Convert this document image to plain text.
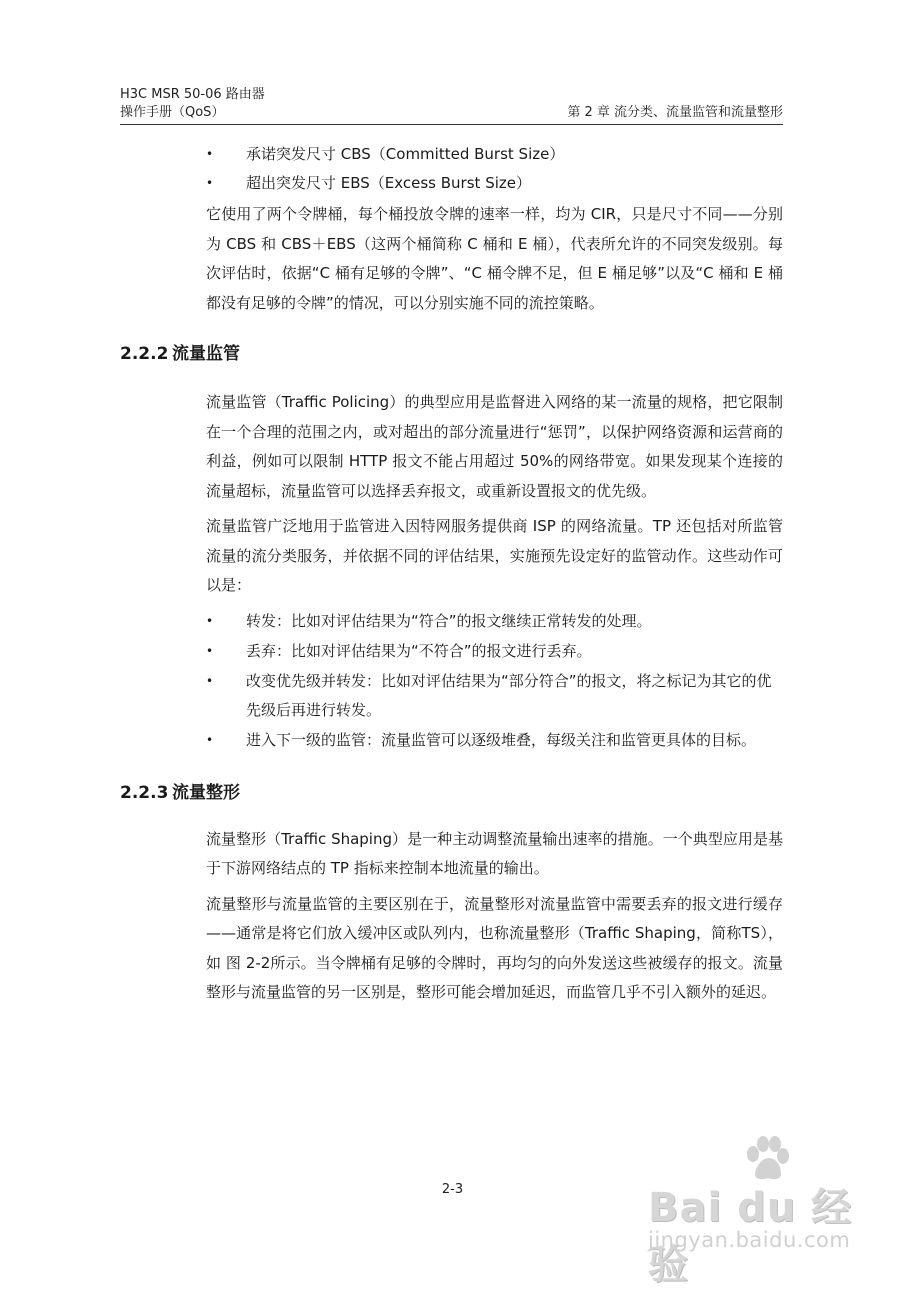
H3C MSR 50-06 路由器
操作手册（QoS）	第 2 章 流分类、流量监管和流量整形
• 承诺突发尺寸 CBS（Committed Burst Size）
• 超出突发尺寸 EBS（Excess Burst Size）

它使用了两个令牌桶，每个桶投放令牌的速率一样，均为 CIR，只是尺寸不同——分别为 CBS 和 CBS＋EBS（这两个桶简称 C 桶和 E 桶），代表所允许的不同突发级别。每次评估时，依据“C 桶有足够的令牌”、“C 桶令牌不足，但 E 桶足够”以及“C 桶和 E 桶都没有足够的令牌”的情况，可以分别实施不同的流控策略。

2.2.2 流量监管

流量监管（Traffic Policing）的典型应用是监督进入网络的某一流量的规格，把它限制在一个合理的范围之内，或对超出的部分流量进行“惩罚”，以保护网络资源和运营商的利益，例如可以限制 HTTP 报文不能占用超过 50%的网络带宽。如果发现某个连接的流量超标，流量监管可以选择丢弃报文，或重新设置报文的优先级。

流量监管广泛地用于监管进入因特网服务提供商 ISP 的网络流量。TP 还包括对所监管流量的流分类服务，并依据不同的评估结果，实施预先设定好的监管动作。这些动作可以是：

• 转发：比如对评估结果为“符合”的报文继续正常转发的处理。
• 丢弃：比如对评估结果为“不符合”的报文进行丢弃。
• 改变优先级并转发：比如对评估结果为“部分符合”的报文，将之标记为其它的优先级后再进行转发。
• 进入下一级的监管：流量监管可以逐级堆叠，每级关注和监管更具体的目标。
2.2.3 流量整形

流量整形（Traffic Shaping）是一种主动调整流量输出速率的措施。一个典型应用是基于下游网络结点的 TP 指标来控制本地流量的输出。

流量整形与流量监管的主要区别在于，流量整形对流量监管中需要丢弃的报文进行缓存——通常是将它们放入缓冲区或队列内，也称流量整形（Traffic Shaping，简称TS），如 图 2-2所示。当令牌桶有足够的令牌时，再均匀的向外发送这些被缓存的报文。流量整形与流量监管的另一区别是，整形可能会增加延迟，而监管几乎不引入额外的延迟。

2-3	Bai du 经验
jingyan.baidu.com
